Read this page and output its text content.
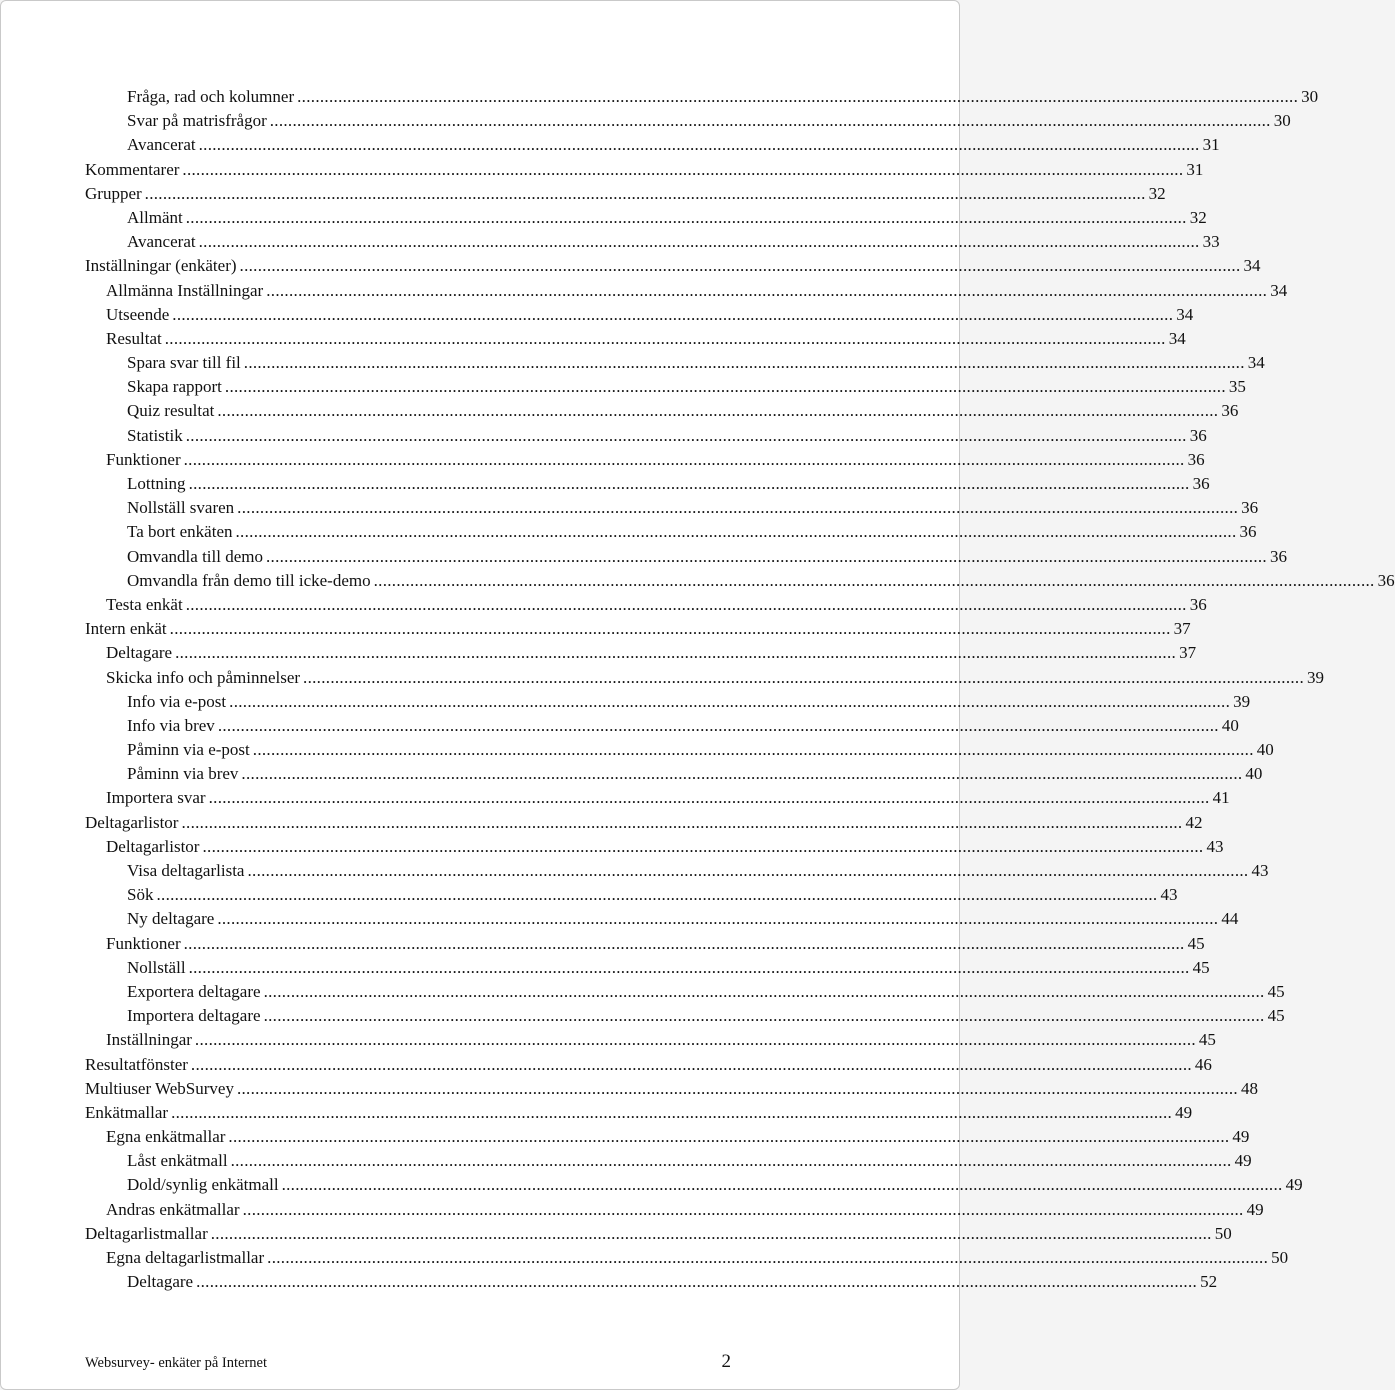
Fråga, rad och kolumner ............................................................................................................................................................................................................................ 30
Svar på matrisfrågor ............................................................................................................................................................................................................................ 30
Avancerat ............................................................................................................................................................................................................................ 31
Kommentarer ............................................................................................................................................................................................................................ 31
Grupper ............................................................................................................................................................................................................................ 32
Allmänt ............................................................................................................................................................................................................................ 32
Avancerat ............................................................................................................................................................................................................................ 33
Inställningar (enkäter) ............................................................................................................................................................................................................................ 34
Allmänna Inställningar ............................................................................................................................................................................................................................ 34
Utseende ............................................................................................................................................................................................................................ 34
Resultat ............................................................................................................................................................................................................................ 34
Spara svar till fil ............................................................................................................................................................................................................................ 34
Skapa rapport ............................................................................................................................................................................................................................ 35
Quiz resultat ............................................................................................................................................................................................................................ 36
Statistik ............................................................................................................................................................................................................................ 36
Funktioner ............................................................................................................................................................................................................................ 36
Lottning ............................................................................................................................................................................................................................ 36
Nollställ svaren ............................................................................................................................................................................................................................ 36
Ta bort enkäten ............................................................................................................................................................................................................................ 36
Omvandla till demo ............................................................................................................................................................................................................................ 36
Omvandla från demo till icke-demo ............................................................................................................................................................................................................................ 36
Testa enkät ............................................................................................................................................................................................................................ 36
Intern enkät ............................................................................................................................................................................................................................ 37
Deltagare ............................................................................................................................................................................................................................ 37
Skicka info och påminnelser ............................................................................................................................................................................................................................ 39
Info via e-post ............................................................................................................................................................................................................................ 39
Info via brev ............................................................................................................................................................................................................................ 40
Påminn via e-post ............................................................................................................................................................................................................................ 40
Påminn via brev ............................................................................................................................................................................................................................ 40
Importera svar ............................................................................................................................................................................................................................ 41
Deltagarlistor ............................................................................................................................................................................................................................ 42
Deltagarlistor ............................................................................................................................................................................................................................ 43
Visa deltagarlista ............................................................................................................................................................................................................................ 43
Sök ............................................................................................................................................................................................................................ 43
Ny deltagare ............................................................................................................................................................................................................................ 44
Funktioner ............................................................................................................................................................................................................................ 45
Nollställ ............................................................................................................................................................................................................................ 45
Exportera deltagare ............................................................................................................................................................................................................................ 45
Importera deltagare ............................................................................................................................................................................................................................ 45
Inställningar ............................................................................................................................................................................................................................ 45
Resultatfönster ............................................................................................................................................................................................................................ 46
Multiuser WebSurvey ............................................................................................................................................................................................................................ 48
Enkätmallar ............................................................................................................................................................................................................................ 49
Egna enkätmallar ............................................................................................................................................................................................................................ 49
Låst enkätmall ............................................................................................................................................................................................................................ 49
Dold/synlig enkätmall ............................................................................................................................................................................................................................ 49
Andras enkätmallar ............................................................................................................................................................................................................................ 49
Deltagarlistmallar ............................................................................................................................................................................................................................ 50
Egna deltagarlistmallar ............................................................................................................................................................................................................................ 50
Deltagare ............................................................................................................................................................................................................................ 52
Websurvey- enkäter på Internet	2
